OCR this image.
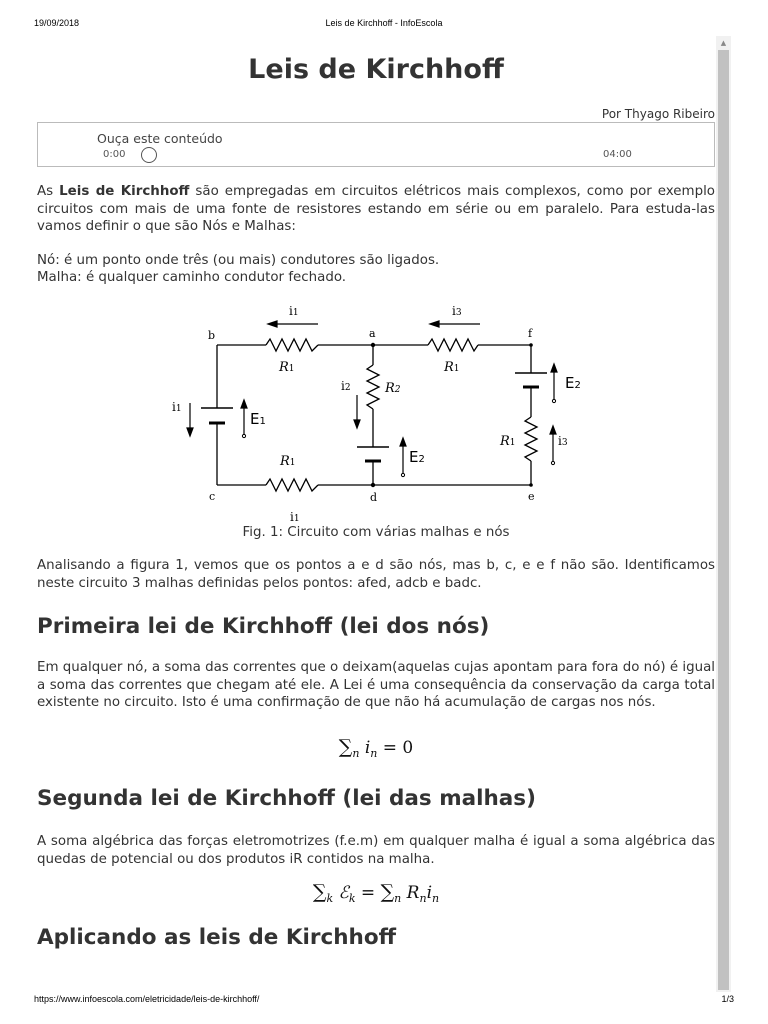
19/09/2018	Leis de Kirchhoff - InfoEscola
▲
Leis de Kirchhoff
Por Thyago Ribeiro
Ouça este conteúdo
0:00	04:00

As Leis de Kirchhoff são empregadas em circuitos elétricos mais complexos, como por exemplo circuitos com mais de uma fonte de resistores estando em série ou em paralelo. Para estuda-las vamos definir o que são Nós e Malhas:

Nó: é um ponto onde três (ou mais) condutores são ligados.

Malha: é qualquer caminho condutor fechado.

b	a	f
c	d	e
i1	i3
i1
i2
i3
i1
R1	R1
R2
R1
R1
E1
E2
E2
Fig. 1: Circuito com várias malhas e nós

Analisando a figura 1, vemos que os pontos a e d são nós, mas b, c, e e f não são. Identificamos neste circuito 3 malhas definidas pelos pontos: afed, adcb e badc.

Primeira lei de Kirchhoff (lei dos nós)

Em qualquer nó, a soma das correntes que o deixam(aquelas cujas apontam para fora do nó) é igual a soma das correntes que chegam até ele. A Lei é uma consequência da conservação da carga total existente no circuito. Isto é uma confirmação de que não há acumulação de cargas nos nós.

$\sum_n$ $i_n = 0$
Segunda lei de Kirchhoff (lei das malhas)

A soma algébrica das forças eletromotrizes (f.e.m) em qualquer malha é igual a soma algébrica das quedas de potencial ou dos produtos iR contidos na malha.

$\sum_k$ ℰ$_k$ = $\sum_n$ $R_ni_n$
Aplicando as leis de Kirchhoff
https://www.infoescola.com/eletricidade/leis-de-kirchhoff/	1/3
